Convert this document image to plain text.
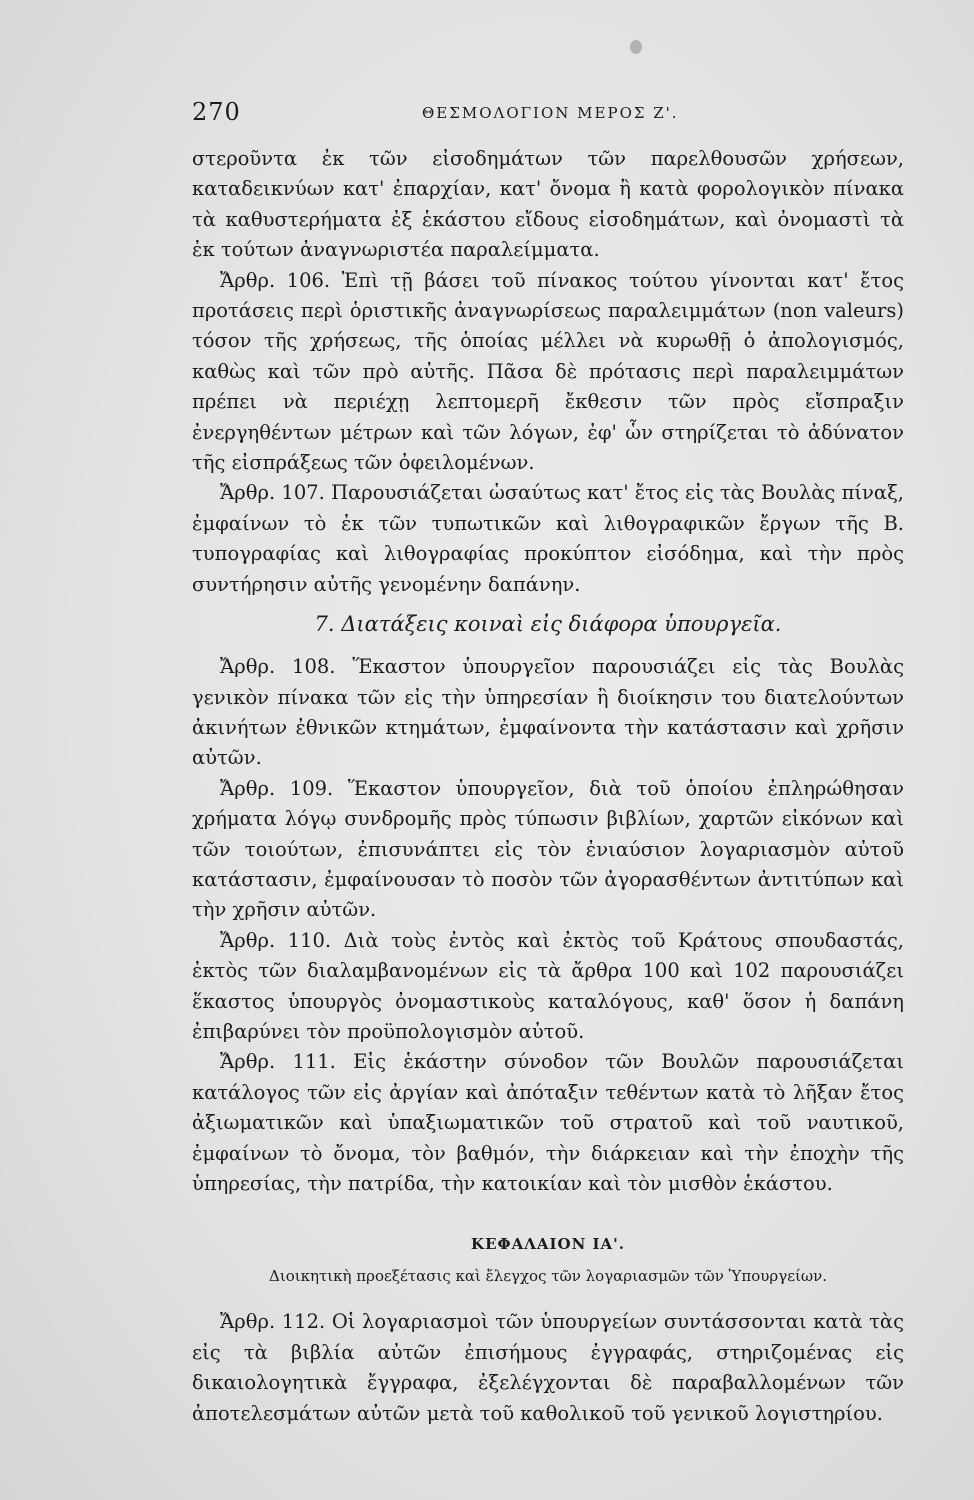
270	ΘΕΣΜΟΛΟΓΙΟΝ ΜΕΡΟΣ Ζ'.

στεροῦντα ἐκ τῶν εἰσοδημάτων τῶν παρελθουσῶν χρήσεων, καταδεικνύων κατ' ἐπαρχίαν, κατ' ὄνομα ἢ κατὰ φορολογικὸν πίνακα τὰ καθυστερήματα ἐξ ἑκάστου εἴδους εἰσοδημάτων, καὶ ὀνομαστὶ τὰ ἐκ τούτων ἀναγνωριστέα παραλείμματα.

Ἄρθρ. 106. Ἐπὶ τῇ βάσει τοῦ πίνακος τούτου γίνονται κατ' ἔτος προτάσεις περὶ ὁριστικῆς ἀναγνωρίσεως παραλειμμάτων (non valeurs) τόσον τῆς χρήσεως, τῆς ὁποίας μέλλει νὰ κυρωθῇ ὁ ἀπολογισμός, καθὼς καὶ τῶν πρὸ αὐτῆς. Πᾶσα δὲ πρότασις περὶ παραλειμμάτων πρέπει νὰ περιέχῃ λεπτομερῆ ἔκθεσιν τῶν πρὸς εἴσπραξιν ἐνεργηθέντων μέτρων καὶ τῶν λόγων, ἐφ' ὧν στηρίζεται τὸ ἀδύνατον τῆς εἰσπράξεως τῶν ὀφειλομένων.

Ἄρθρ. 107. Παρουσιάζεται ὡσαύτως κατ' ἔτος εἰς τὰς Βουλὰς πίναξ, ἐμφαίνων τὸ ἐκ τῶν τυπωτικῶν καὶ λιθογραφικῶν ἔργων τῆς Β. τυπογραφίας καὶ λιθογραφίας προκύπτον εἰσόδημα, καὶ τὴν πρὸς συντήρησιν αὐτῆς γενομένην δαπάνην.

7. Διατάξεις κοιναὶ εἰς διάφορα ὑπουργεῖα.

Ἄρθρ. 108. Ἕκαστον ὑπουργεῖον παρουσιάζει εἰς τὰς Βουλὰς γενικὸν πίνακα τῶν εἰς τὴν ὑπηρεσίαν ἢ διοίκησιν του διατελούντων ἀκινήτων ἐθνικῶν κτημάτων, ἐμφαίνοντα τὴν κατάστασιν καὶ χρῆσιν αὐτῶν.

Ἄρθρ. 109. Ἕκαστον ὑπουργεῖον, διὰ τοῦ ὁποίου ἐπληρώθησαν χρήματα λόγῳ συνδρομῆς πρὸς τύπωσιν βιβλίων, χαρτῶν εἰκόνων καὶ τῶν τοιούτων, ἐπισυνάπτει εἰς τὸν ἐνιαύσιον λογαριασμὸν αὐτοῦ κατάστασιν, ἐμφαίνουσαν τὸ ποσὸν τῶν ἀγορασθέντων ἀντιτύπων καὶ τὴν χρῆσιν αὐτῶν.

Ἄρθρ. 110. Διὰ τοὺς ἐντὸς καὶ ἐκτὸς τοῦ Κράτους σπουδαστάς, ἐκτὸς τῶν διαλαμβανομένων εἰς τὰ ἄρθρα 100 καὶ 102 παρουσιάζει ἕκαστος ὑπουργὸς ὀνομαστικοὺς καταλόγους, καθ' ὅσον ἡ δαπάνη ἐπιβαρύνει τὸν προϋπολογισμὸν αὐτοῦ.

Ἄρθρ. 111. Εἰς ἑκάστην σύνοδον τῶν Βουλῶν παρουσιάζεται κατάλογος τῶν εἰς ἀργίαν καὶ ἀπόταξιν τεθέντων κατὰ τὸ λῆξαν ἔτος ἀξιωματικῶν καὶ ὑπαξιωματικῶν τοῦ στρατοῦ καὶ τοῦ ναυτικοῦ, ἐμφαίνων τὸ ὄνομα, τὸν βαθμόν, τὴν διάρκειαν καὶ τὴν ἐποχὴν τῆς ὑπηρεσίας, τὴν πατρίδα, τὴν κατοικίαν καὶ τὸν μισθὸν ἑκάστου.

ΚΕΦΑΛΑΙΟΝ ΙΑ'.
Διοικητικὴ προεξέτασις καὶ ἔλεγχος τῶν λογαριασμῶν τῶν Ὑπουργείων.

Ἄρθρ. 112. Οἱ λογαριασμοὶ τῶν ὑπουργείων συντάσσονται κατὰ τὰς εἰς τὰ βιβλία αὐτῶν ἐπισήμους ἐγγραφάς, στηριζομένας εἰς δικαιολογητικὰ ἔγγραφα, ἐξελέγχονται δὲ παραβαλλομένων τῶν ἀποτελεσμάτων αὐτῶν μετὰ τοῦ καθολικοῦ τοῦ γενικοῦ λογιστηρίου.
